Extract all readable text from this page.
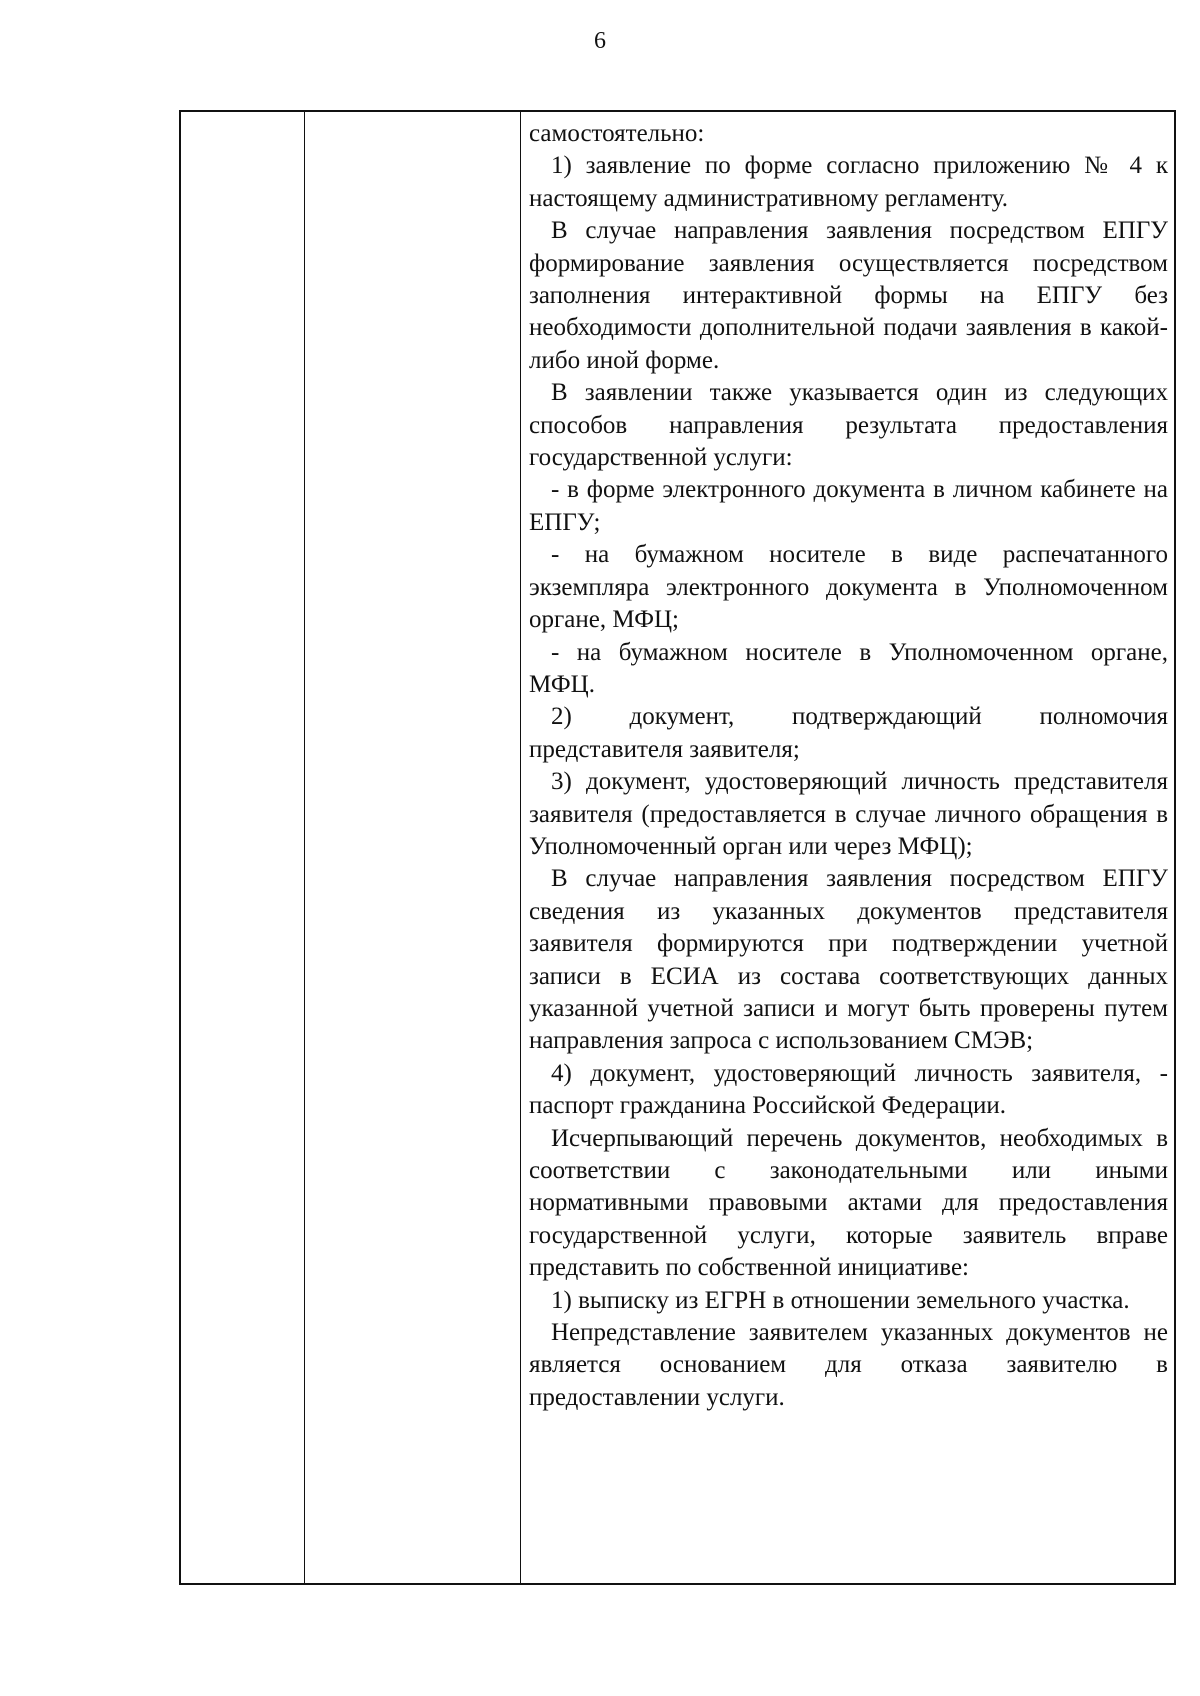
6

самостоятельно:

1) заявление по форме согласно приложению № 4 к настоящему административному регламенту.

В случае направления заявления посредством ЕПГУ формирование заявления осуществляется посредством заполнения интерактивной формы на ЕПГУ без необходимости дополнительной подачи заявления в какой-либо иной форме.

В заявлении также указывается один из следующих способов направления результата предоставления государственной услуги:

- в форме электронного документа в личном кабинете на ЕПГУ;

- на бумажном носителе в виде распечатанного экземпляра электронного документа в Уполномоченном органе, МФЦ;

- на бумажном носителе в Уполномоченном органе, МФЦ.

2) документ, подтверждающий полномочия представителя заявителя;

3) документ, удостоверяющий личность представителя заявителя (предоставляется в случае личного обращения в Уполномоченный орган или через МФЦ);

В случае направления заявления посредством ЕПГУ сведения из указанных документов представителя заявителя формируются при подтверждении учетной записи в ЕСИА из состава соответствующих данных указанной учетной записи и могут быть проверены путем направления запроса с использованием СМЭВ;

4) документ, удостоверяющий личность заявителя, - паспорт гражданина Российской Федерации.

Исчерпывающий перечень документов, необходимых в соответствии с законодательными или иными нормативными правовыми актами для предоставления государственной услуги, которые заявитель вправе представить по собственной инициативе:

1) выписку из ЕГРН в отношении земельного участка.

Непредставление заявителем указанных документов не является основанием для отказа заявителю в предоставлении услуги.
